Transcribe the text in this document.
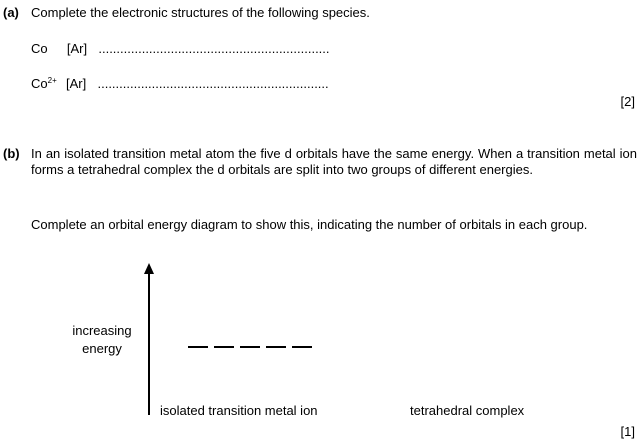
(a) Complete the electronic structures of the following species.
Co [Ar] ................................................................
$Co^{2+}$ [Ar] ................................................................
[2]
(b) In an isolated transition metal atom the five d orbitals have the same energy. When a transition metal ion forms a tetrahedral complex the d orbitals are split into two groups of different energies.
Complete an orbital energy diagram to show this, indicating the number of orbitals in each group.
increasing
energy
isolated transition metal ion	tetrahedral complex
[1]
